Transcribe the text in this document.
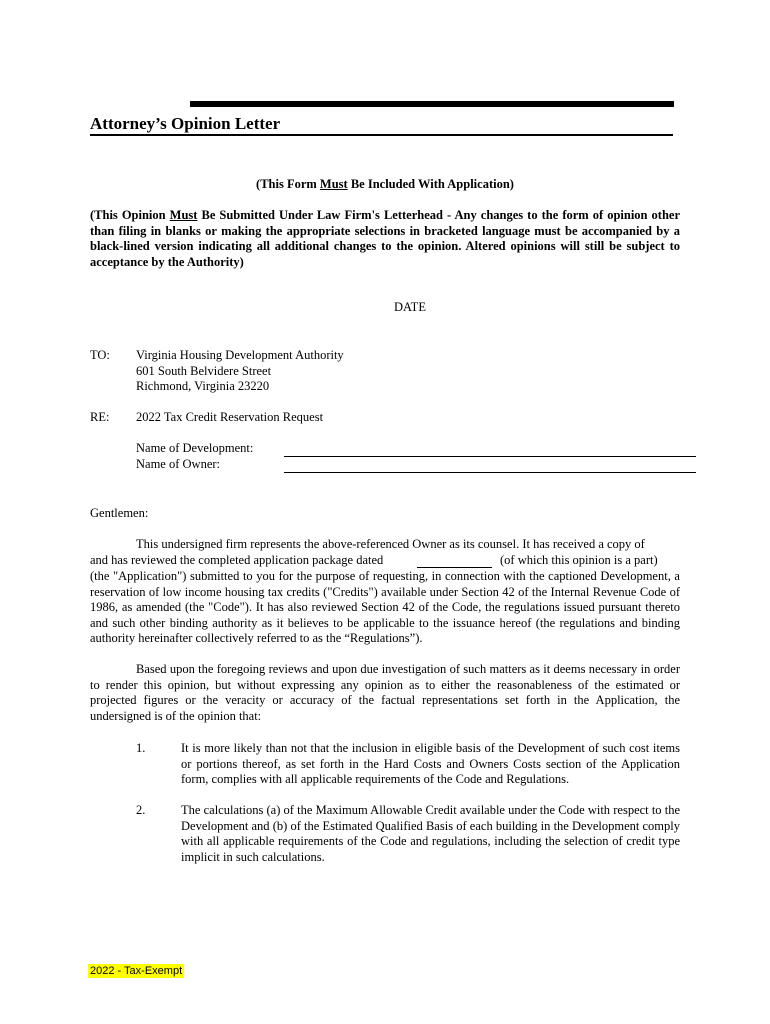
Attorney’s Opinion Letter
(This Form Must Be Included With Application)
(This Opinion Must Be Submitted Under Law Firm's Letterhead - Any changes to the form of opinion other than filing in blanks or making the appropriate selections in bracketed language must be accompanied by a black-lined version indicating all additional changes to the opinion. Altered opinions will still be subject to acceptance by the Authority)
DATE
TO: Virginia Housing Development Authority
601 South Belvidere Street
Richmond, Virginia 23220
RE: 2022 Tax Credit Reservation Request
Name of Development:
Name of Owner:
Gentlemen:
This undersigned firm represents the above-referenced Owner as its counsel. It has received a copy of
and has reviewed the completed application package dated	(of which this opinion is a part)
(the "Application") submitted to you for the purpose of requesting, in connection with the captioned Development, a reservation of low income housing tax credits ("Credits") available under Section 42 of the Internal Revenue Code of 1986, as amended (the "Code"). It has also reviewed Section 42 of the Code, the regulations issued pursuant thereto and such other binding authority as it believes to be applicable to the issuance hereof (the regulations and binding authority hereinafter collectively referred to as the “Regulations”).
Based upon the foregoing reviews and upon due investigation of such matters as it deems necessary in order to render this opinion, but without expressing any opinion as to either the reasonableness of the estimated or projected figures or the veracity or accuracy of the factual representations set forth in the Application, the undersigned is of the opinion that:
1.	It is more likely than not that the inclusion in eligible basis of the Development of such cost items or portions thereof, as set forth in the Hard Costs and Owners Costs section of the Application form, complies with all applicable requirements of the Code and Regulations.
2.	The calculations (a) of the Maximum Allowable Credit available under the Code with respect to the Development and (b) of the Estimated Qualified Basis of each building in the Development comply with all applicable requirements of the Code and regulations, including the selection of credit type implicit in such calculations.
2022 - Tax-Exempt
